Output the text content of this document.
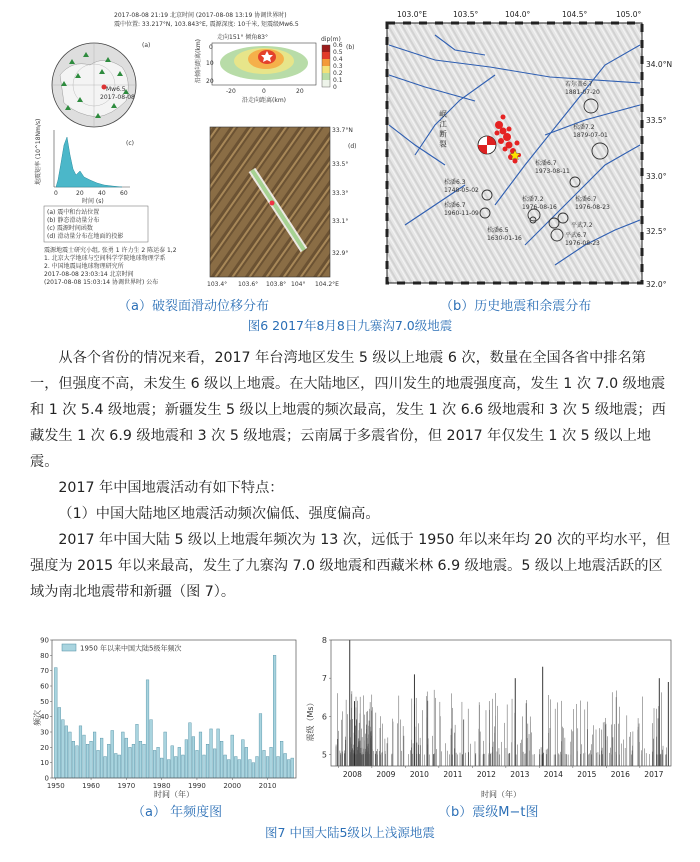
2017-08-08 21:19 北京时间 (2017-08-08 13:19 协调世界时)
震中位置: 33.217°N, 103.843°E, 震源深度: 10千米, 矩震级Mw6.5
Mw6.5
2017-08-08
(a)
走向151° 倾角83°
沿倾向距离(km) 0
10
20
-20	0	20
沿走向距离(km)
dip(m)
0.6
0.5
0.4
0.3
0.2
0.1
0
(b)
地震矩率 (10^18Nm/s)
0	20 40 60
时间 (s)
(c)
(a) 震中和台站位置
(b) 静态滑动量分布
(c) 震源时间函数
(d) 滑动量分布在地面的投影
震源地震士研究小组, 张勇 1 许力生 2 陈运泰 1,2
1. 北京大学地球与空间科学学院地球物理学系
2. 中国地震局地球物理研究所
2017-08-08 23:03:14 北京时间
(2017-08-08 15:03:14 协调世界时) 公布
33.7°N
33.5°
33.3°
33.1°
32.9°
103.4° 103.6° 103.8° 104° 104.2°E
(d)
103.0°E	103.5°	104.0°	104.5°	105.0°
岷 江 断 裂
若尔盖6.7
1881-07-20
松潘7.2
1879-07-01
松潘6.7
1973-08-11
松潘6.3
1748-05-02
松潘6.7
1960-11-09
松潘7.2
1976-08-16
松潘6.7
1976-08-23
平武6.7
1976-08-23
平武7.2
松潘6.5
1630-01-16
34.0°N
33.5°
33.0°
32.5°
32.0°
（a）破裂面滑动位移分布	（b）历史地震和余震分布
图6 2017年8月8日九寨沟7.0级地震

从各个省份的情况来看，2017 年台湾地区发生 5 级以上地震 6 次，数量在全国各省中排名第一，但强度不高，未发生 6 级以上地震。在大陆地区，四川发生的地震强度高，发生 1 次 7.0 级地震和 1 次 5.4 级地震；新疆发生 5 级以上地震的频次最高，发生 1 次 6.6 级地震和 3 次 5 级地震；西藏发生 1 次 6.9 级地震和 3 次 5 级地震；云南属于多震省份，但 2017 年仅发生 1 次 5 级以上地震。

2017 年中国地震活动有如下特点：

（1）中国大陆地区地震活动频次偏低、强度偏高。

2017 年中国大陆 5 级以上地震年频次为 13 次，远低于 1950 年以来年均 20 次的平均水平，但强度为 2015 年以来最高，发生了九寨沟 7.0 级地震和西藏米林 6.9 级地震。5 级以上地震活跃的区域为南北地震带和新疆（图 7）。

频次
0
10
20
30
40
50
60
70
80
90
1950 1960 1970 1980 1990 2000 2010
1950 年以来中国大陆5级年频次
时间（年）
震级（Ms）
5
6
7
8
2008 2009 2010 2011 2012 2013 2014 2015 2016 2017
时间（年）
（a） 年频度图	（b）震级M−t图
图7 中国大陆5级以上浅源地震
